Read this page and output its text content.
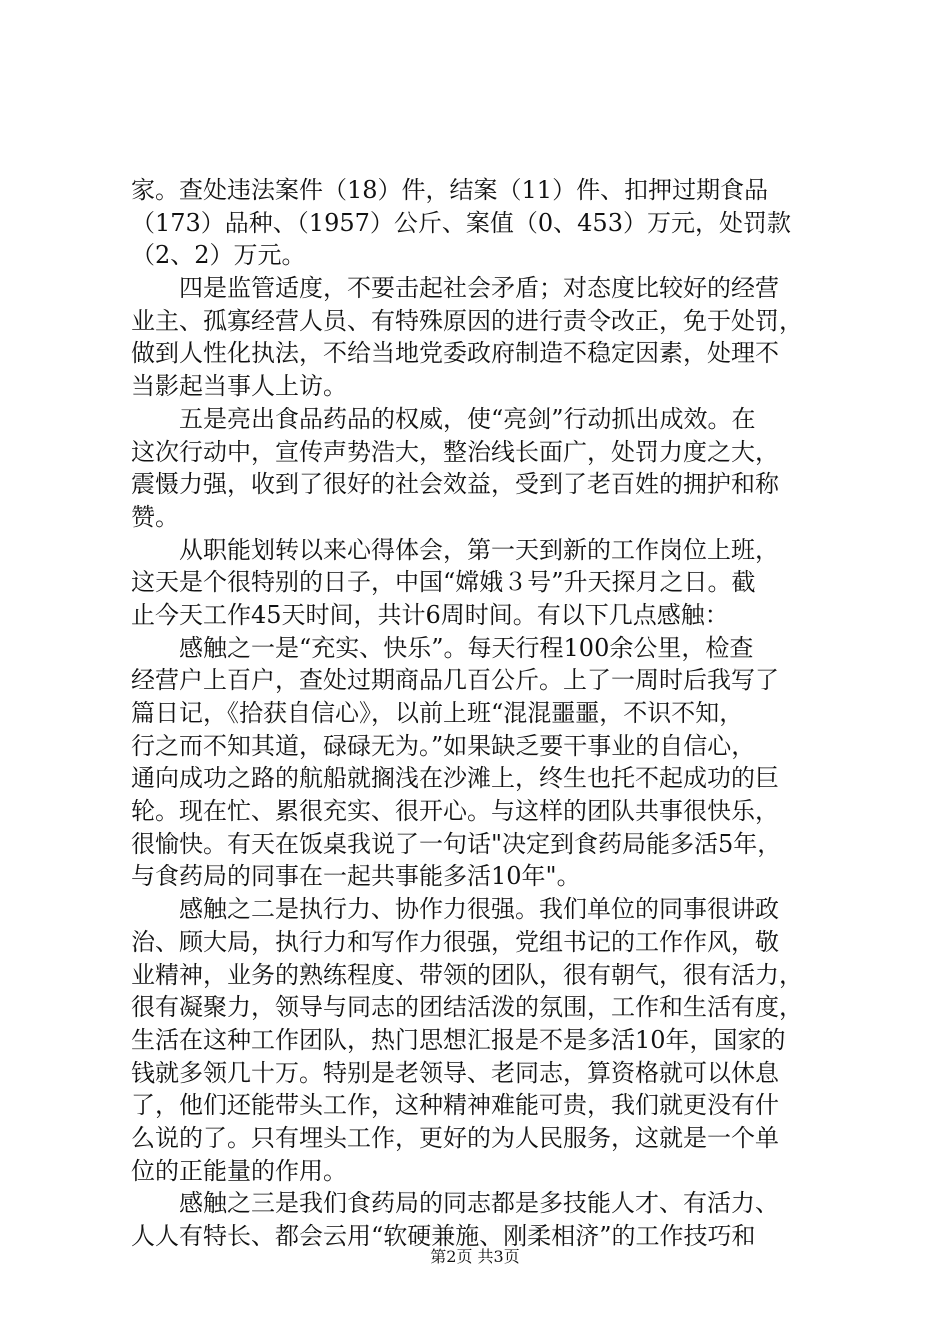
家。查处违法案件（18）件，结案（11）件、扣押过期食品
（173）品种、（1957）公斤、案值（0、453）万元，处罚款
（2、2）万元。
四是监管适度，不要击起社会矛盾；对态度比较好的经营
业主、孤寡经营人员、有特殊原因的进行责令改正，免于处罚，
做到人性化执法，不给当地党委政府制造不稳定因素，处理不
当影起当事人上访。
五是亮出食品药品的权威，使“亮剑”行动抓出成效。在
这次行动中，宣传声势浩大，整治线长面广，处罚力度之大，
震慑力强，收到了很好的社会效益，受到了老百姓的拥护和称
赞。
从职能划转以来心得体会，第一天到新的工作岗位上班，
这天是个很特别的日子，中国“嫦娥３号”升天探月之日。截
止今天工作45天时间，共计6周时间。有以下几点感触：
感触之一是“充实、快乐”。每天行程100余公里，检查
经营户上百户，查处过期商品几百公斤。上了一周时后我写了
篇日记，《拾获自信心》，以前上班“混混噩噩，不识不知，
行之而不知其道，碌碌无为。”如果缺乏要干事业的自信心，
通向成功之路的航船就搁浅在沙滩上，终生也托不起成功的巨
轮。现在忙、累很充实、很开心。与这样的团队共事很快乐，
很愉快。有天在饭桌我说了一句话"决定到食药局能多活5年，
与食药局的同事在一起共事能多活10年"。
感触之二是执行力、协作力很强。我们单位的同事很讲政
治、顾大局，执行力和写作力很强，党组书记的工作作风，敬
业精神，业务的熟练程度、带领的团队，很有朝气，很有活力，
很有凝聚力，领导与同志的团结活泼的氛围，工作和生活有度，
生活在这种工作团队，热门思想汇报是不是多活10年，国家的
钱就多领几十万。特别是老领导、老同志，算资格就可以休息
了，他们还能带头工作，这种精神难能可贵，我们就更没有什
么说的了。只有埋头工作，更好的为人民服务，这就是一个单
位的正能量的作用。
感触之三是我们食药局的同志都是多技能人才、有活力、
人人有特长、都会云用“软硬兼施、刚柔相济”的工作技巧和
第2页 共3页
